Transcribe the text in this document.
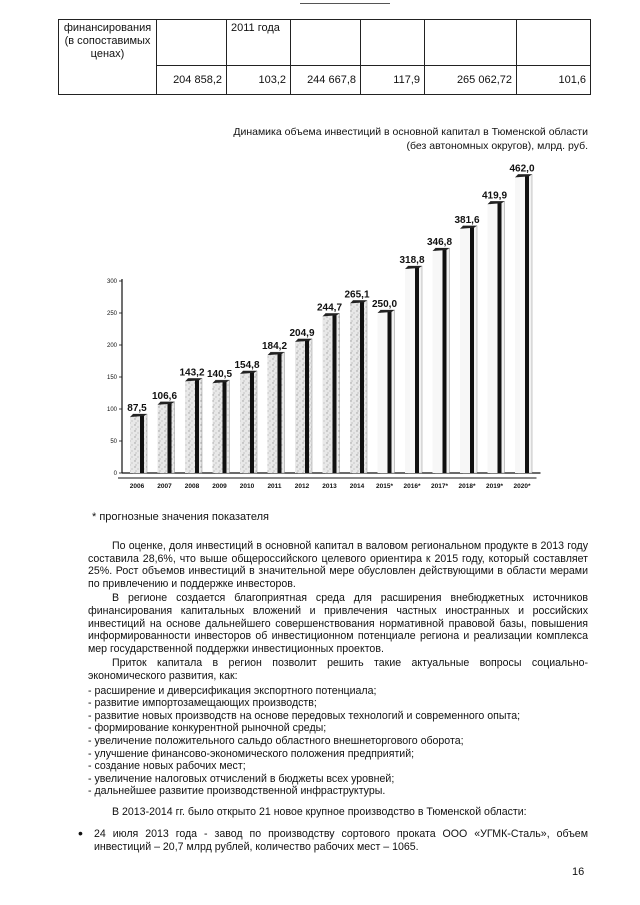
финансирования (в сопоставимых ценах)		2011 года				
	204 858,2	103,2	244 667,8	117,9	265 062,72	101,6
Динамика объема инвестиций в основной капитал в Тюменской области
(без автономных округов), млрд. руб.
0
50
100
150
200
250
300
87,5
2006
106,6
2007
143,2
2008
140,5
2009
154,8
2010
184,2
2011
204,9
2012
244,7
2013
265,1
2014
250,0
2015*
318,8
2016*
346,8
2017*
381,6
2018*
419,9
2019*
462,0
2020*
* прогнозные значения показателя

По оценке, доля инвестиций в основной капитал в валовом региональном продукте в 2013 году составила 28,6%, что выше общероссийского целевого ориентира к 2015 году, который составляет 25%. Рост объемов инвестиций в значительной мере обусловлен действующими в области мерами по привлечению и поддержке инвесторов.

В регионе создается благоприятная среда для расширения внебюджетных источников финансирования капитальных вложений и привлечения частных иностранных и российских инвестиций на основе дальнейшего совершенствования нормативной правовой базы, повышения информированности инвесторов об инвестиционном потенциале региона и реализации комплекса мер государственной поддержки инвестиционных проектов.

Приток капитала в регион позволит решить такие актуальные вопросы социально-экономического развития, как:

- расширение и диверсификация экспортного потенциала;
- развитие импортозамещающих производств;
- развитие новых производств на основе передовых технологий и современного опыта;
- формирование конкурентной рыночной среды;
- увеличение положительного сальдо областного внешнеторгового оборота;
- улучшение финансово-экономического положения предприятий;
- создание новых рабочих мест;
- увеличение налоговых отчислений в бюджеты всех уровней;
- дальнейшее развитие производственной инфраструктуры.
В 2013-2014 гг. было открыто 21 новое крупное производство в Тюменской области:
• 24 июля 2013 года - завод по производству сортового проката ООО «УГМК-Сталь», объем инвестиций – 20,7 млрд рублей, количество рабочих мест – 1065.
16
